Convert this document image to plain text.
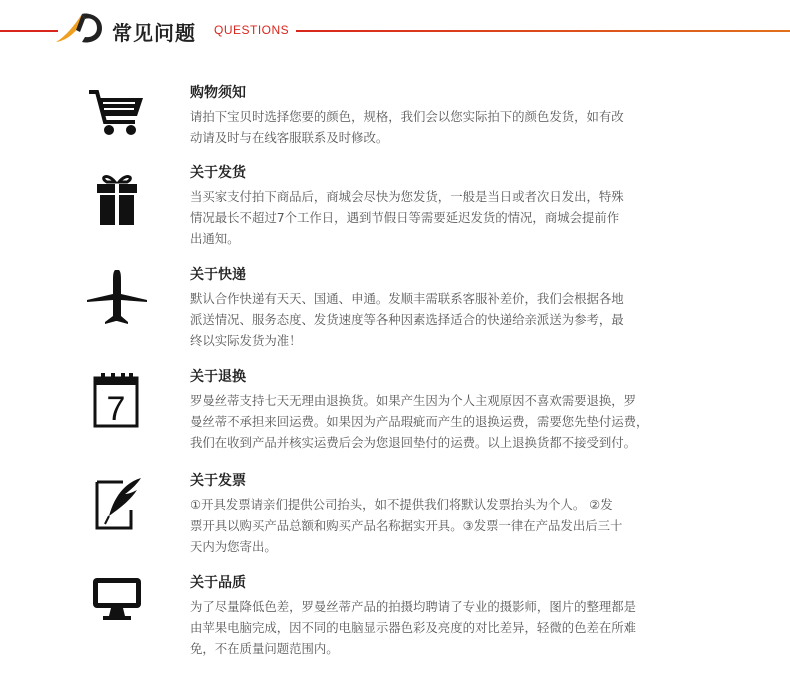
常见问题 QUESTIONS
购物须知
请拍下宝贝时选择您要的颜色，规格，我们会以您实际拍下的颜色发货，如有改
动请及时与在线客服联系及时修改。
关于发货
当买家支付拍下商品后，商城会尽快为您发货，一般是当日或者次日发出，特殊
情况最长不超过7个工作日，遇到节假日等需要延迟发货的情况，商城会提前作
出通知。
关于快递
默认合作快递有天天、国通、申通。发顺丰需联系客服补差价，我们会根据各地
派送情况、服务态度、发货速度等各种因素选择适合的快递给亲派送为参考，最
终以实际发货为准！
7
关于退换
罗曼丝蒂支持七天无理由退换货。如果产生因为个人主观原因不喜欢需要退换，罗
曼丝蒂不承担来回运费。如果因为产品瑕疵而产生的退换运费，需要您先垫付运费，
我们在收到产品并核实运费后会为您退回垫付的运费。以上退换货都不接受到付。
关于发票
①开具发票请亲们提供公司抬头，如不提供我们将默认发票抬头为个人。 ②发
票开具以购买产品总额和购买产品名称据实开具。③发票一律在产品发出后三十
天内为您寄出。
关于品质
为了尽量降低色差，罗曼丝蒂产品的拍摄均聘请了专业的摄影师，图片的整理都是
由苹果电脑完成，因不同的电脑显示器色彩及亮度的对比差异，轻微的色差在所难
免，不在质量问题范围内。
